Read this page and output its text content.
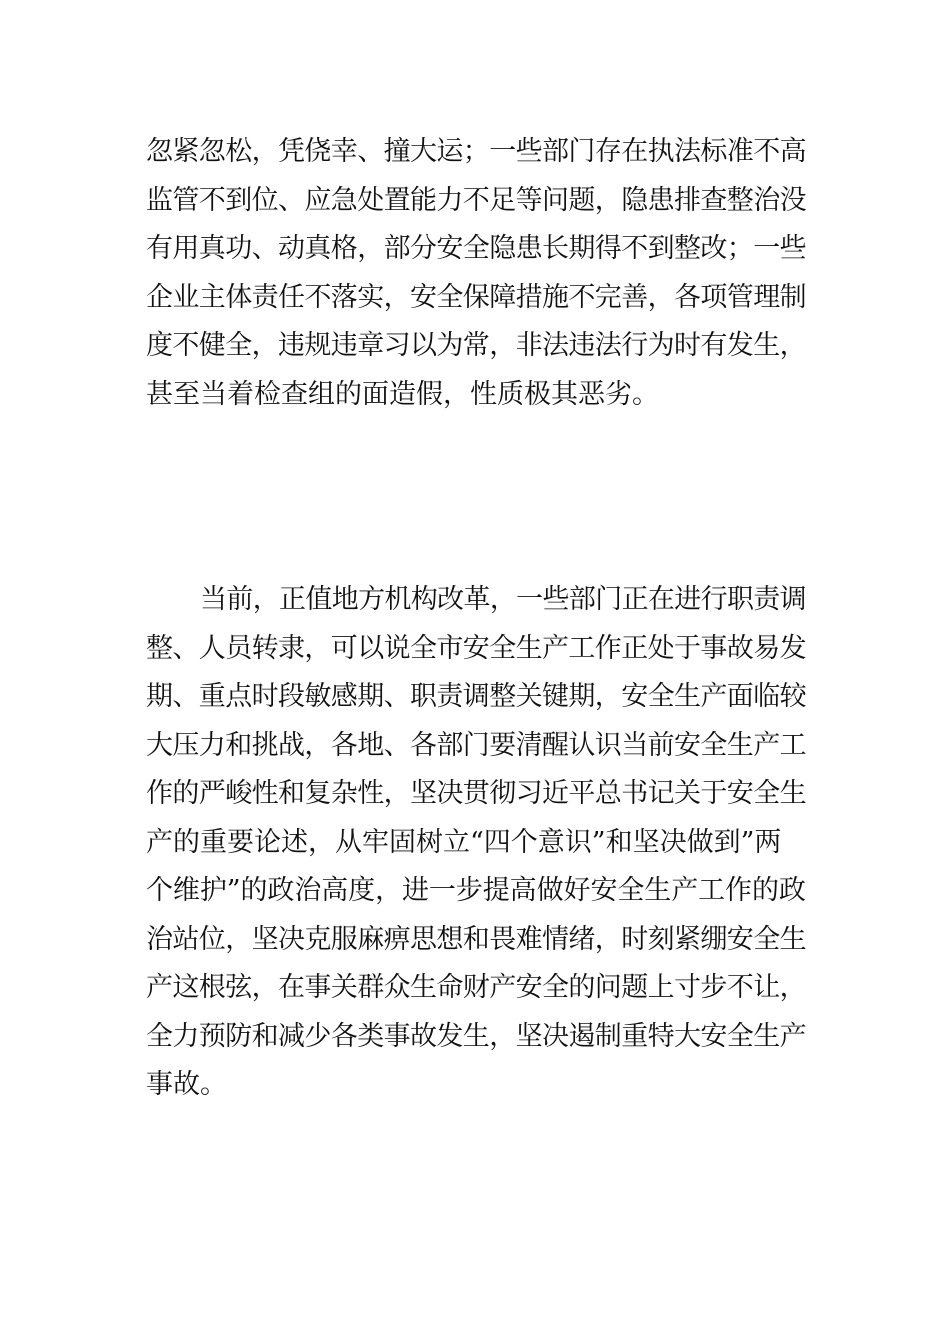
忽紧忽松，凭侥幸、撞大运；一些部门存在执法标准不高
监管不到位、应急处置能力不足等问题，隐患排查整治没
有用真功、动真格，部分安全隐患长期得不到整改；一些
企业主体责任不落实，安全保障措施不完善，各项管理制
度不健全，违规违章习以为常，非法违法行为时有发生，
甚至当着检查组的面造假，性质极其恶劣。
当前，正值地方机构改革，一些部门正在进行职责调
整、人员转隶，可以说全市安全生产工作正处于事故易发
期、重点时段敏感期、职责调整关键期，安全生产面临较
大压力和挑战，各地、各部门要清醒认识当前安全生产工
作的严峻性和复杂性，坚决贯彻习近平总书记关于安全生
产的重要论述，从牢固树立“四个意识”和坚决做到”两
个维护”的政治高度，进一步提高做好安全生产工作的政
治站位，坚决克服麻痹思想和畏难情绪，时刻紧绷安全生
产这根弦，在事关群众生命财产安全的问题上寸步不让，
全力预防和减少各类事故发生，坚决遏制重特大安全生产
事故。
